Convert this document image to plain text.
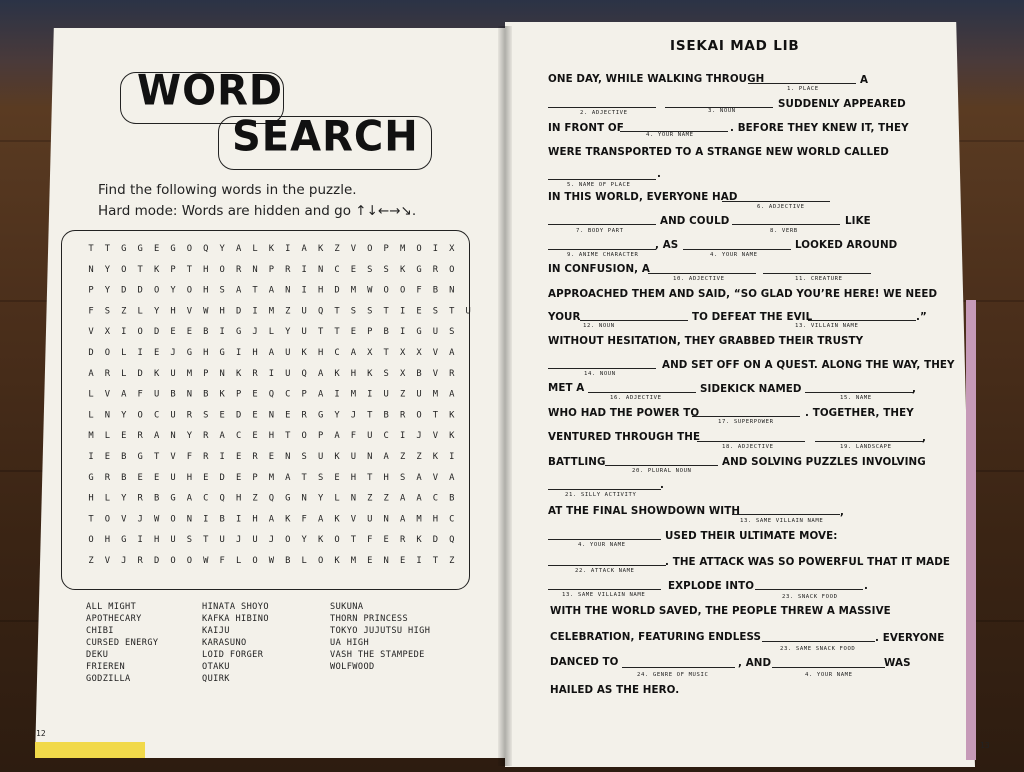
WORD
SEARCH
Find the following words in the puzzle.
Hard mode: Words are hidden and go ↑↓←→↘.
T T G G E G O Q Y A L K I A K Z V O P M O I X
N Y O T K P T H O R N P R I N C E S S K G R O
P Y D D O Y O H S A T A N I H D M W O O F B N
F S Z L Y H V W H D I M Z U Q T S S T I E S T U
V X I O D E E B I G J L Y U T T E P B I G U S
D O L I E J G H G I H A U K H C A X T X X V A
A R L D K U M P N K R I U Q A K H K S X B V R
L V A F U B N B K P E Q C P A I M I U Z U M A
L N Y O C U R S E D E N E R G Y J T B R O T K
M L E R A N Y R A C E H T O P A F U C I J V K
I E B G T V F R I E R E N S U K U N A Z Z K I
G R B E E U H E D E P M A T S E H T H S A V A
H L Y R B G A C Q H Z Q G N Y L N Z Z A A C B
T O V J W O N I B I H A K F A K V U N A M H C
O H G I H U S T U J U J O Y K O T F E R K D Q
Z V J R D O O W F L O W B L O K M E N E I T Z
ALL MIGHT
APOTHECARY
CHIBI
CURSED ENERGY
DEKU
FRIEREN
GODZILLA
HINATA SHOYO
KAFKA HIBINO
KAIJU
KARASUNO
LOID FORGER
OTAKU
QUIRK
SUKUNA
THORN PRINCESS
TOKYO JUJUTSU HIGH
UA HIGH
VASH THE STAMPEDE
WOLFWOOD
12
ISEKAI MAD LIB
ONE DAY, WHILE WALKING THROUGH	A
1. PLACE
SUDDENLY APPEARED
2. ADJECTIVE	3. NOUN
IN FRONT OF	. BEFORE THEY KNEW IT, THEY
4. YOUR NAME
WERE TRANSPORTED TO A STRANGE NEW WORLD CALLED
.
5. NAME OF PLACE
IN THIS WORLD, EVERYONE HAD
6. ADJECTIVE
AND COULD	LIKE
7. BODY PART	8. VERB
, AS	LOOKED AROUND
9. ANIME CHARACTER	4. YOUR NAME
IN CONFUSION, A
10. ADJECTIVE	11. CREATURE
APPROACHED THEM AND SAID, “SO GLAD YOU’RE HERE! WE NEED
YOUR	TO DEFEAT THE EVIL	.”
12. NOUN	13. VILLAIN NAME
WITHOUT HESITATION, THEY GRABBED THEIR TRUSTY
AND SET OFF ON A QUEST. ALONG THE WAY, THEY
14. NOUN
MET A	SIDEKICK NAMED	,
16. ADJECTIVE	15. NAME
WHO HAD THE POWER TO	. TOGETHER, THEY
17. SUPERPOWER
VENTURED THROUGH THE	,
18. ADJECTIVE	19. LANDSCAPE
BATTLING	AND SOLVING PUZZLES INVOLVING
20. PLURAL NOUN
.
21. SILLY ACTIVITY
AT THE FINAL SHOWDOWN WITH	,
13. SAME VILLAIN NAME
USED THEIR ULTIMATE MOVE:
4. YOUR NAME
. THE ATTACK WAS SO POWERFUL THAT IT MADE
22. ATTACK NAME
EXPLODE INTO	.
13. SAME VILLAIN NAME	23. SNACK FOOD
WITH THE WORLD SAVED, THE PEOPLE THREW A MASSIVE
CELEBRATION, FEATURING ENDLESS	. EVERYONE
23. SAME SNACK FOOD
DANCED TO	, AND	WAS
24. GENRE OF MUSIC	4. YOUR NAME
HAILED AS THE HERO.
13
